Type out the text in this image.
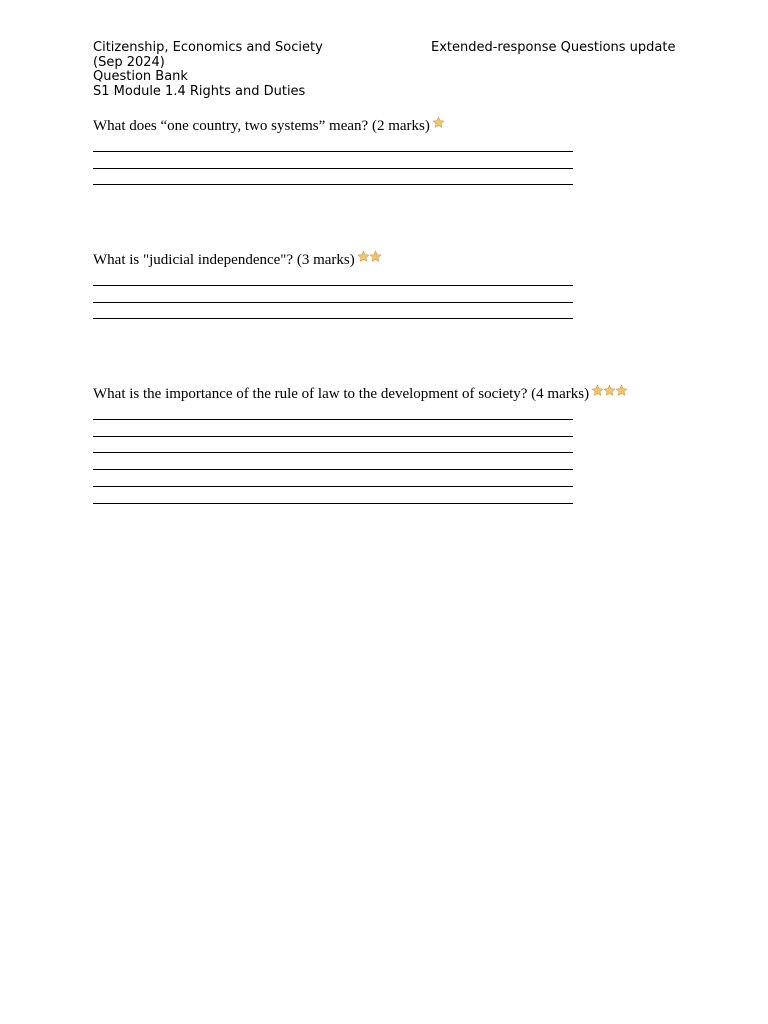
Citizenship, Economics and Society	Extended-response Questions update
(Sep 2024)
Question Bank
S1 Module 1.4 Rights and Duties
What does “one country, two systems” mean? (2 marks)
What is "judicial independence"? (3 marks)
What is the importance of the rule of law to the development of society? (4 marks)
